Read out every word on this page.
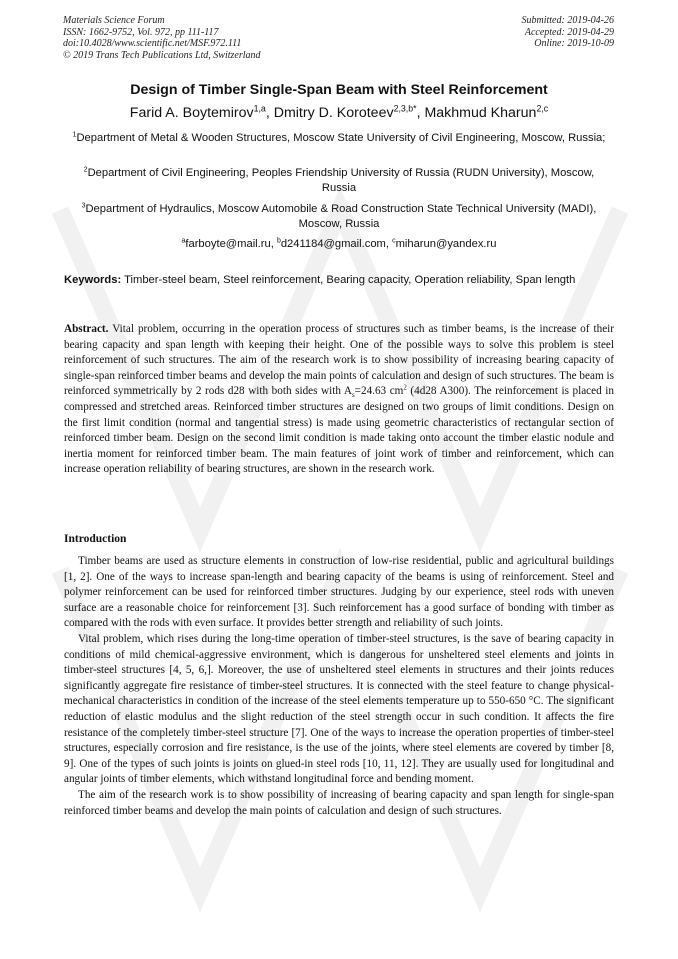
Materials Science Forum
ISSN: 1662-9752, Vol. 972, pp 111-117
doi:10.4028/www.scientific.net/MSF.972.111
© 2019 Trans Tech Publications Ltd, Switzerland
Submitted: 2019-04-26
Accepted: 2019-04-29
Online: 2019-10-09
Design of Timber Single-Span Beam with Steel Reinforcement
Farid A. Boytemirov$^{1,a}$, Dmitry D. Koroteev$^{2,3,b*}$, Makhmud Kharun$^{2,c}$
$^1$Department of Metal & Wooden Structures, Moscow State University of Civil Engineering, Moscow, Russia;
$^2$Department of Civil Engineering, Peoples Friendship University of Russia (RUDN University), Moscow, Russia
$^3$Department of Hydraulics, Moscow Automobile & Road Construction State Technical University (MADI), Moscow, Russia
$^a$farboyte@mail.ru, $^b$d241184@gmail.com, $^c$miharun@yandex.ru
Keywords: Timber-steel beam, Steel reinforcement, Bearing capacity, Operation reliability, Span length
Abstract. Vital problem, occurring in the operation process of structures such as timber beams, is the increase of their bearing capacity and span length with keeping their height. One of the possible ways to solve this problem is steel reinforcement of such structures. The aim of the research work is to show possibility of increasing bearing capacity of single-span reinforced timber beams and develop the main points of calculation and design of such structures. The beam is reinforced symmetrically by 2 rods d28 with both sides with $A_s=24.63$ $cm^2$ (4d28 A300). The reinforcement is placed in compressed and stretched areas. Reinforced timber structures are designed on two groups of limit conditions. Design on the first limit condition (normal and tangential stress) is made using geometric characteristics of rectangular section of reinforced timber beam. Design on the second limit condition is made taking onto account the timber elastic nodule and inertia moment for reinforced timber beam. The main features of joint work of timber and reinforcement, which can increase operation reliability of bearing structures, are shown in the research work.
Introduction

Timber beams are used as structure elements in construction of low-rise residential, public and agricultural buildings [1, 2]. One of the ways to increase span-length and bearing capacity of the beams is using of reinforcement. Steel and polymer reinforcement can be used for reinforced timber structures. Judging by our experience, steel rods with uneven surface are a reasonable choice for reinforcement [3]. Such reinforcement has a good surface of bonding with timber as compared with the rods with even surface. It provides better strength and reliability of such joints.

Vital problem, which rises during the long-time operation of timber-steel structures, is the save of bearing capacity in conditions of mild chemical-aggressive environment, which is dangerous for unsheltered steel elements and joints in timber-steel structures [4, 5, 6,]. Moreover, the use of unsheltered steel elements in structures and their joints reduces significantly aggregate fire resistance of timber-steel structures. It is connected with the steel feature to change physical-mechanical characteristics in condition of the increase of the steel elements temperature up to 550-650 °C. The significant reduction of elastic modulus and the slight reduction of the steel strength occur in such condition. It affects the fire resistance of the completely timber-steel structure [7]. One of the ways to increase the operation properties of timber-steel structures, especially corrosion and fire resistance, is the use of the joints, where steel elements are covered by timber [8, 9]. One of the types of such joints is joints on glued-in steel rods [10, 11, 12]. They are usually used for longitudinal and angular joints of timber elements, which withstand longitudinal force and bending moment.

The aim of the research work is to show possibility of increasing of bearing capacity and span length for single-span reinforced timber beams and develop the main points of calculation and design of such structures.
